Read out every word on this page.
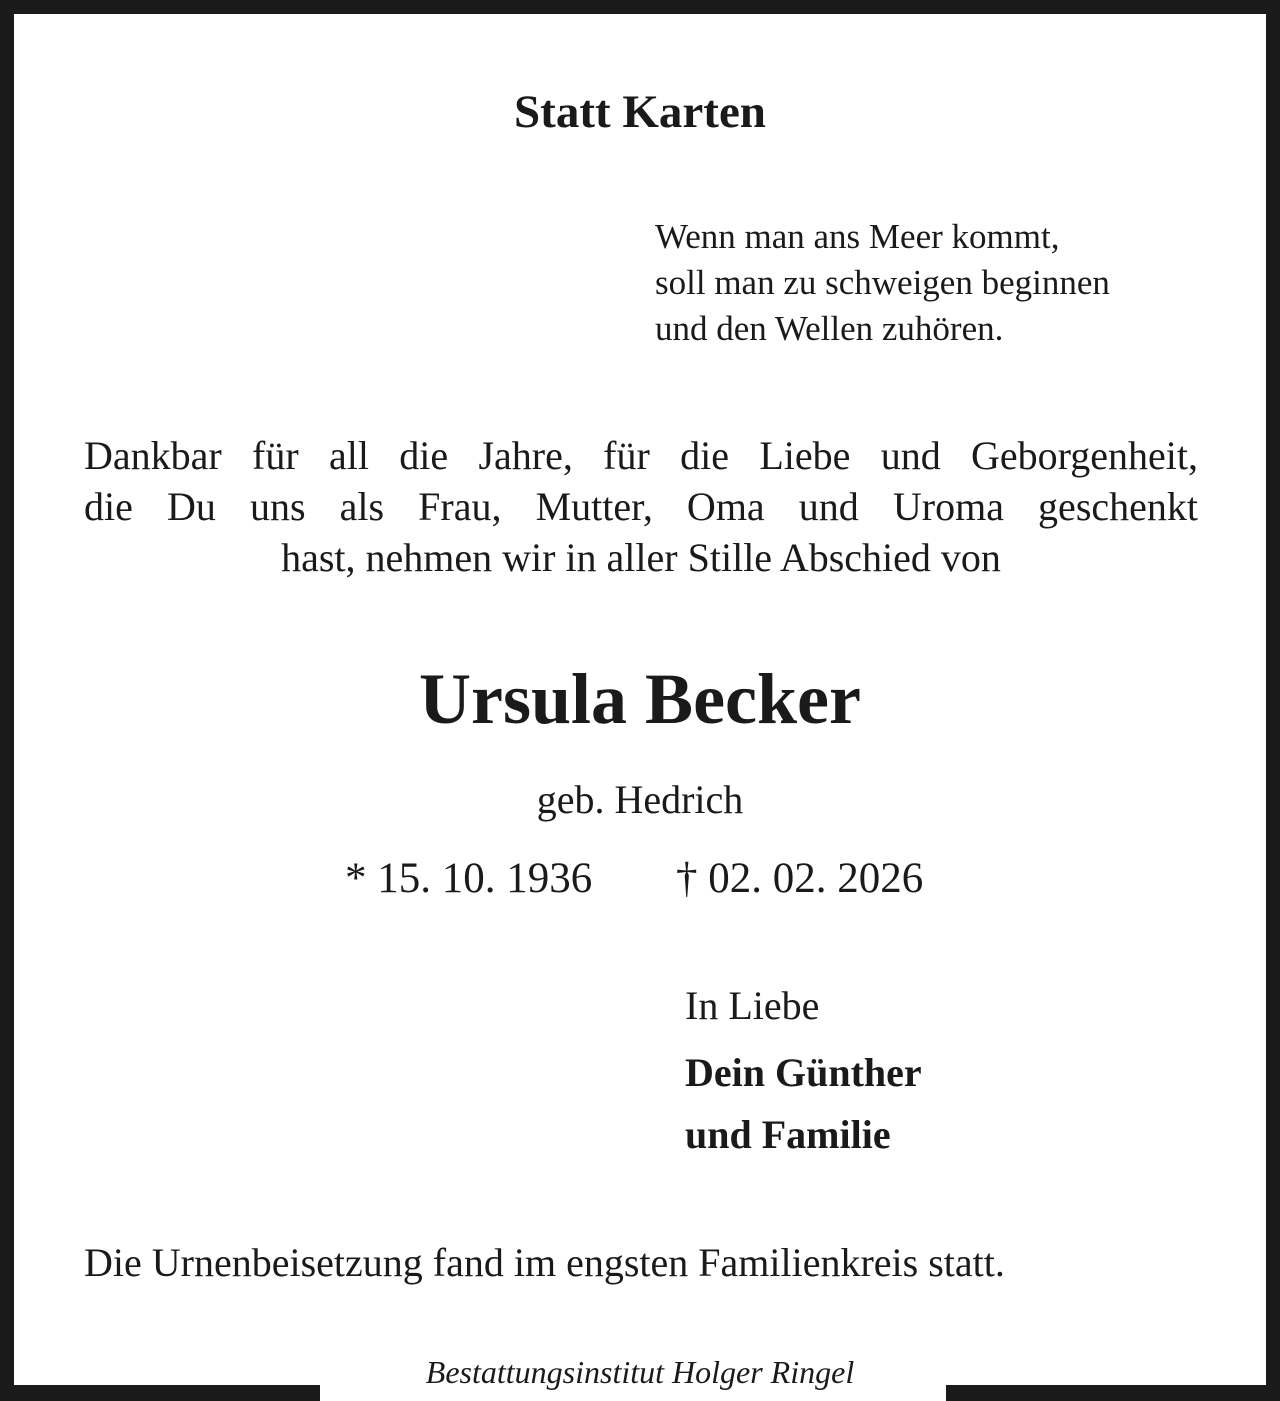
Statt Karten
Wenn man ans Meer kommt,
soll man zu schweigen beginnen
und den Wellen zuhören.
Dankbar für all die Jahre, für die Liebe und Geborgenheit,
die Du uns als Frau, Mutter, Oma und Uroma geschenkt
hast, nehmen wir in aller Stille Abschied von
Ursula Becker
geb. Hedrich
* 15. 10. 1936 † 02. 02. 2026
In Liebe
Dein Günther
und Familie
Die Urnenbeisetzung fand im engsten Familienkreis statt.
Bestattungsinstitut Holger Ringel
